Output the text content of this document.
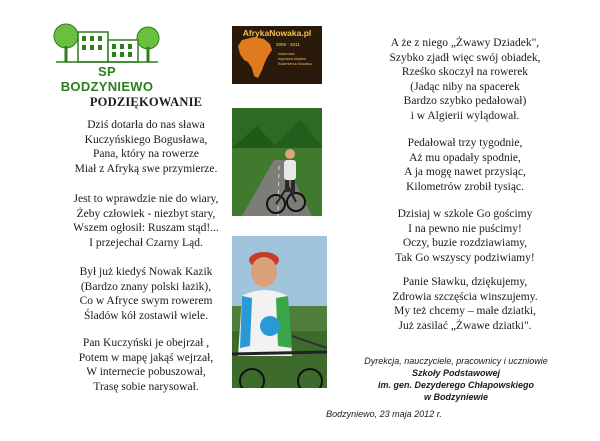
SP BODZYNIEWO
PODZIĘKOWANIE
Dziś dotarła do nas sława
Kuczyńskiego Bogusława,
Pana, który na rowerze
Miał z Afryką swe przymierze.
Jest to wprawdzie nie do wiary,
Żeby człowiek - niezbyt stary,
Wszem ogłosił: Ruszam stąd!...
I przejechał Czarny Ląd.
Był już kiedyś Nowak Kazik
(Bardzo znany polski łazik),
Co w Afryce swym rowerem
Śladów kół zostawił wiele.
Pan Kuczyński je obejrzał ,
Potem w mapę jakąś wejrzał,
W internecie pobuszował,
Trasę sobie narysował.
AfrykaNowaka.pl
2009 - 2011
rowerowa
wyprawa śladem
Kazimierza Nowaka
A że z niego „Żwawy Dziadek",
Szybko zjadł więc swój obiadek,
Rześko skoczył na rowerek
(Jadąc niby na spacerek
Bardzo szybko pedałował)
i w Algierii wylądował.
Pedałował trzy tygodnie,
Aż mu opadały spodnie,
A ja mogę nawet przysiąc,
Kilometrów zrobił tysiąc.
Dzisiaj w szkole Go gościmy
I na pewno nie puścimy!
Oczy, buzie rozdziawiamy,
Tak Go wszyscy podziwiamy!
Panie Sławku, dziękujemy,
Zdrowia szczęścia winszujemy.
My też chcemy – małe dziatki,
Już zasilać „Żwawe dziatki".
Dyrekcja, nauczyciele, pracownicy i uczniowie
Szkoły Podstawowej
im. gen. Dezyderego Chłapowskiego
w Bodzyniewie
Bodzyniewo, 23 maja 2012 r.
